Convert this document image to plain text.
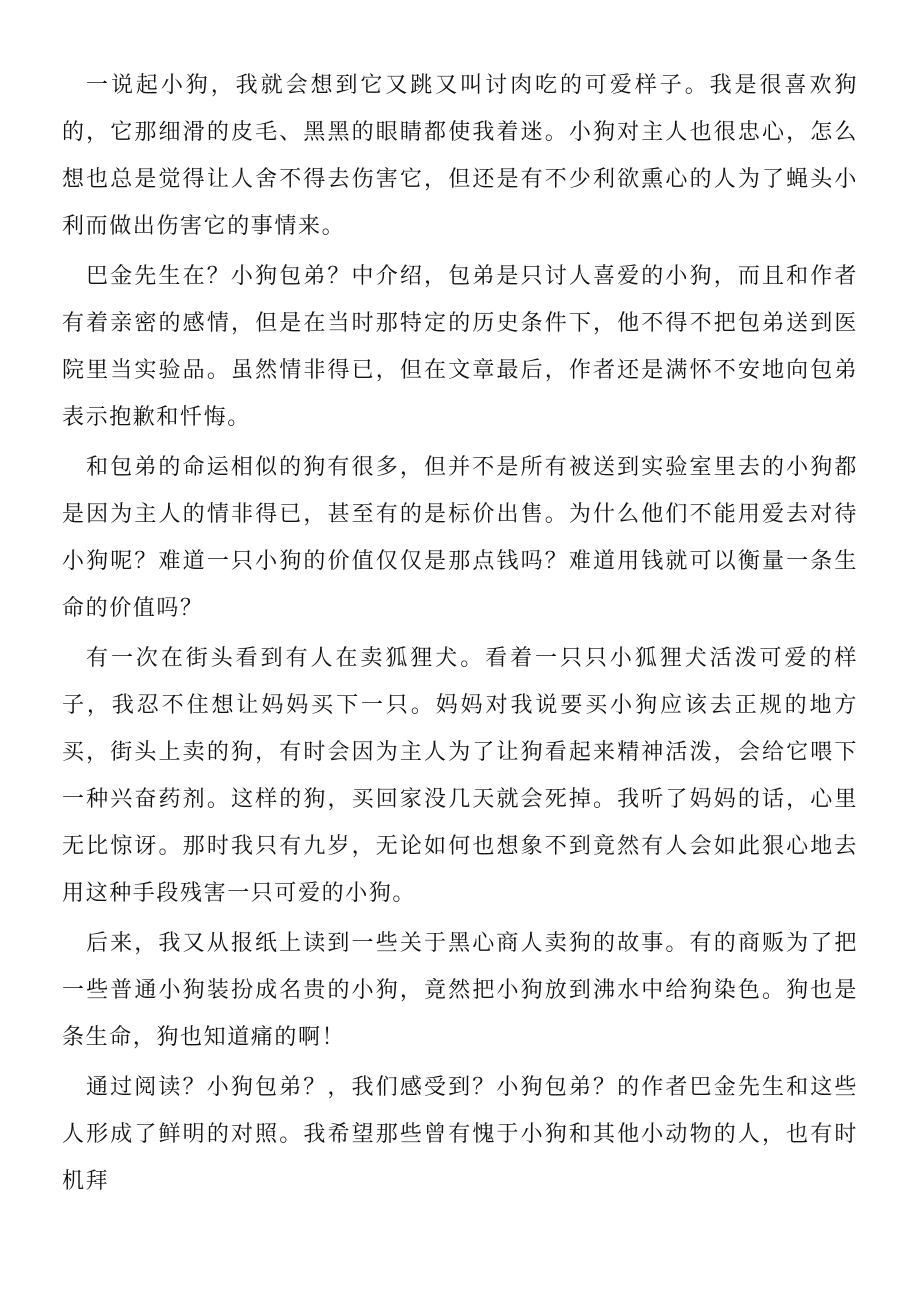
一说起小狗，我就会想到它又跳又叫讨肉吃的可爱样子。我是很喜欢狗的，它那细滑的皮毛、黑黑的眼睛都使我着迷。小狗对主人也很忠心，怎么想也总是觉得让人舍不得去伤害它，但还是有不少利欲熏心的人为了蝇头小利而做出伤害它的事情来。

巴金先生在？小狗包弟？中介绍，包弟是只讨人喜爱的小狗，而且和作者有着亲密的感情，但是在当时那特定的历史条件下，他不得不把包弟送到医院里当实验品。虽然情非得已，但在文章最后，作者还是满怀不安地向包弟表示抱歉和忏悔。

和包弟的命运相似的狗有很多，但并不是所有被送到实验室里去的小狗都是因为主人的情非得已，甚至有的是标价出售。为什么他们不能用爱去对待小狗呢？难道一只小狗的价值仅仅是那点钱吗？难道用钱就可以衡量一条生命的价值吗？

有一次在街头看到有人在卖狐狸犬。看着一只只小狐狸犬活泼可爱的样子，我忍不住想让妈妈买下一只。妈妈对我说要买小狗应该去正规的地方买，街头上卖的狗，有时会因为主人为了让狗看起来精神活泼，会给它喂下一种兴奋药剂。这样的狗，买回家没几天就会死掉。我听了妈妈的话，心里无比惊讶。那时我只有九岁，无论如何也想象不到竟然有人会如此狠心地去用这种手段残害一只可爱的小狗。

后来，我又从报纸上读到一些关于黑心商人卖狗的故事。有的商贩为了把一些普通小狗装扮成名贵的小狗，竟然把小狗放到沸水中给狗染色。狗也是条生命，狗也知道痛的啊！

通过阅读？小狗包弟？，我们感受到？小狗包弟？的作者巴金先生和这些人形成了鲜明的对照。我希望那些曾有愧于小狗和其他小动物的人，也有时机拜
